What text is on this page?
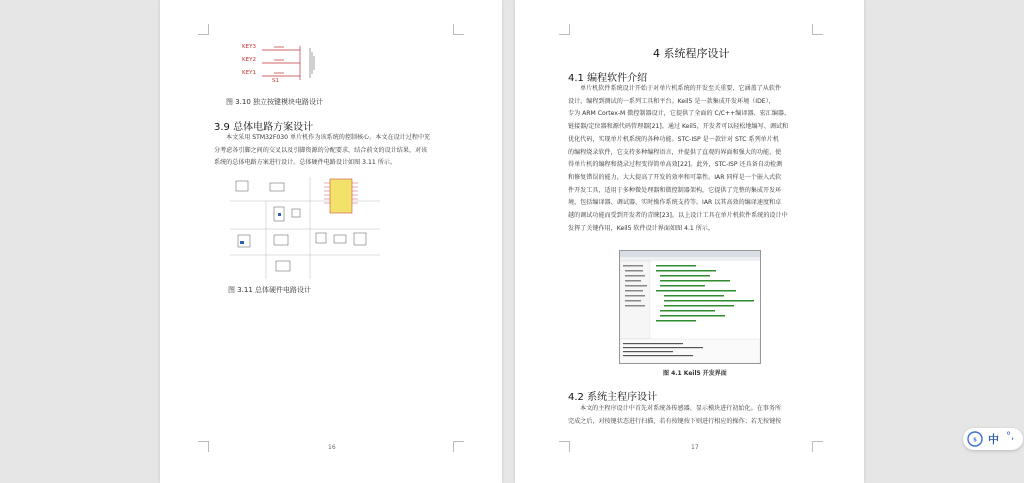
KEY3
KEY2
KEY1
S1
图 3.10 独立按键模块电路设计
3.9 总体电路方案设计

本文采用 STM32F030 单片机作为该系统的控制核心。本文在设计过程中充

分考虑各引脚之间的交叉以及引脚资源的分配要求，结合前文的设计结果，对该

系统的总体电路方案进行设计。总体硬件电路设计如图 3.11 所示。

图 3.11 总体硬件电路设计
16
4 系统程序设计
4.1 编程软件介绍

单片机软件系统设计开始于对单片机系统的开发至关重要，它涵盖了从软件

设计、编程到测试的一系列工具和平台。Keil5 是一款集成开发环境（IDE），

专为 ARM Cortex-M 微控制器设计，它提供了全面的 C/C++编译器、宏汇编器、

链接器/定位器和源代码管理器[21]。通过 Keil5，开发者可以轻松地编写、调试和

优化代码，实现单片机系统的各种功能。STC-ISP 是一款针对 STC 系列单片机

的编程烧录软件，它支持多种编程语言，并提供了直观的界面和强大的功能，使

得单片机的编程和烧录过程变得简单高效[22]。此外，STC-ISP 还具备自动检测

和修复错误的能力，大大提高了开发的效率和可靠性。IAR 同样是一个嵌入式软

件开发工具，适用于多种微处理器和微控制器架构，它提供了完整的集成开发环

境，包括编译器、调试器、实时操作系统支持等。IAR 以其高效的编译速度和卓

越的调试功能而受到开发者的青睐[23]。以上设计工具在单片机软件系统的设计中

发挥了关键作用，Keil5 软件设计界面如图 4.1 所示。

图 4.1 Keil5 开发界面
4.2 系统主程序设计

本文的主程序设计中首先对系统各传感器、显示模块进行初始化。在事务所

完成之后，对按键状态进行扫描，若有按键按下则进行相应的操作；若无按键按

17
S 中 °,
